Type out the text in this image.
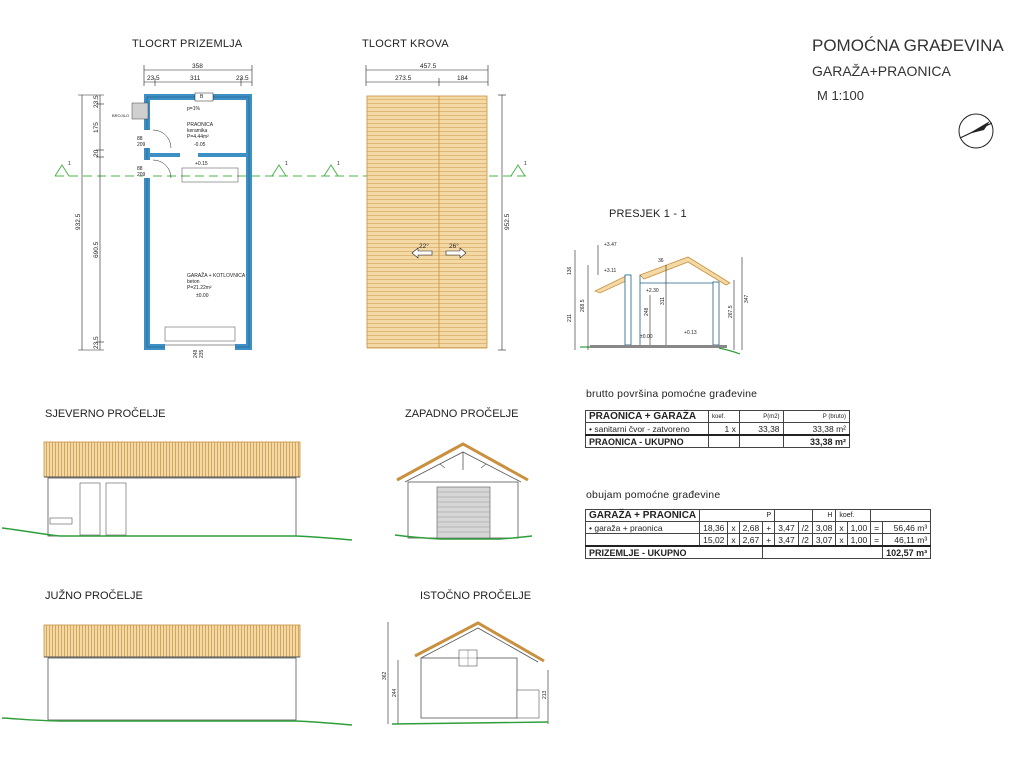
POMOĆNA GRAĐEVINA
GARAŽA+PRAONICA
M 1:100
TLOCRT PRIZEMLJA	TLOCRT KROVA
PRESJEK 1 - 1
SJEVERNO PROČELJE	ZAPADNO PROČELJE
JUŽNO PROČELJE	ISTOČNO PROČELJE
brutto površina pomoćne građevine
obujam pomoćne građevine
PRAONICA + GARAŽA	koef.	P(m2)	P (bruto)
• sanitarni čvor - zatvoreno	1 x	33,38	33,38 m²
PRAONICA - UKUPNO			33,38 m²
GARAŽA + PRAONICA	P						H	koef.			
• garaža + praonica	18,36	x	2,68	+	3,47	/2	3,08	x	1,00	=	56,46 m³
	15,02	x	2,67	+	3,47	/2	3,07	x	1,00	=	46,11 m³
PRIZEMLJE - UKUPNO											102,57 m³
1	1	1	1
358
23.5	311	23.5
23.5
175
20
690.5
23.5
932.5
BROJILO
B
p=1%
PRAONICA
keramika
P=4.44m²
-0.05
+0.15
88
209
88
209
GARAŽA + KOTLOVNICA
beton
P=21.22m²
±0.00
248 235
457.5
273.5	184
952.5
22°	26°	+3.47
+3.11
+2.30
±0.00
+0.13
136
211
268.5	248
311	347
267.5
36
362
244	213
